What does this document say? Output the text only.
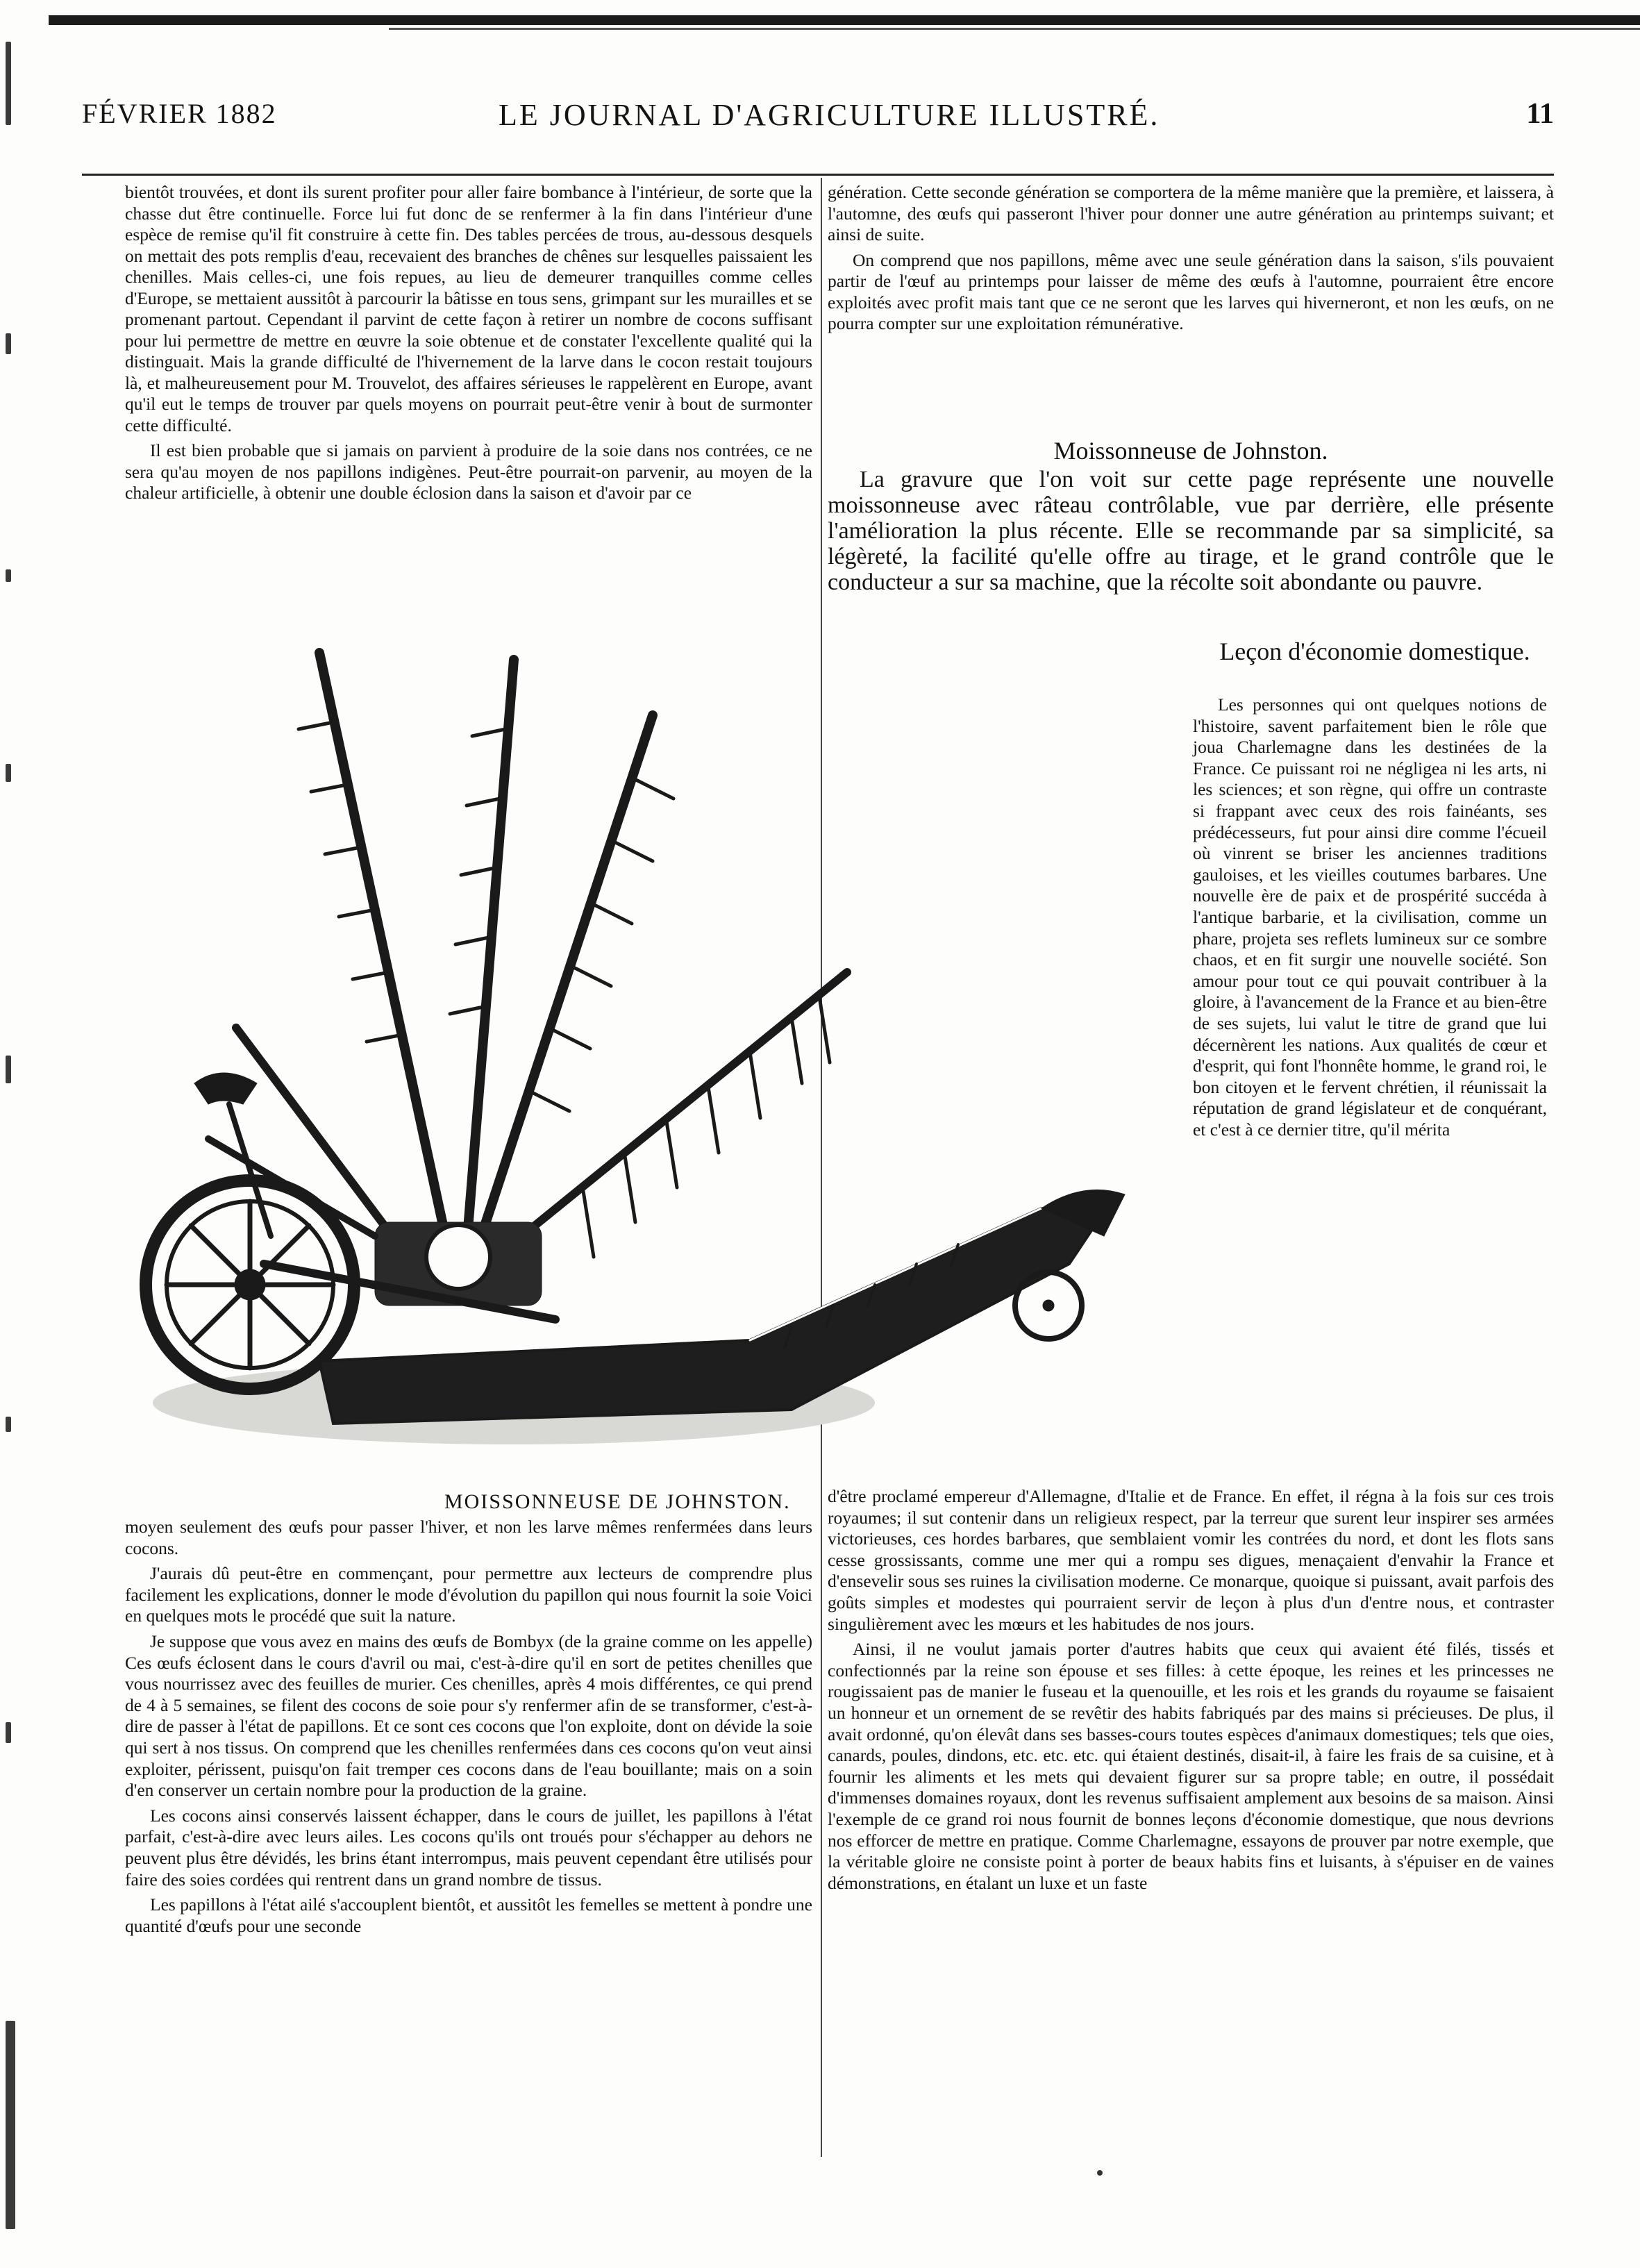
FÉVRIER 1882	LE JOURNAL D'AGRICULTURE ILLUSTRÉ.	11

bientôt trouvées, et dont ils surent profiter pour aller faire bombance à l'intérieur, de sorte que la chasse dut être continuelle. Force lui fut donc de se renfermer à la fin dans l'intérieur d'une espèce de remise qu'il fit construire à cette fin. Des tables percées de trous, au-dessous desquels on mettait des pots remplis d'eau, recevaient des branches de chênes sur lesquelles paissaient les chenilles. Mais celles-ci, une fois repues, au lieu de demeurer tranquilles comme celles d'Europe, se mettaient aussitôt à parcourir la bâtisse en tous sens, grimpant sur les murailles et se promenant partout. Cependant il parvint de cette façon à retirer un nombre de cocons suffisant pour lui permettre de mettre en œuvre la soie obtenue et de constater l'excellente qualité qui la distinguait. Mais la grande difficulté de l'hivernement de la larve dans le cocon restait toujours là, et malheureusement pour M. Trouvelot, des affaires sérieuses le rappelèrent en Europe, avant qu'il eut le temps de trouver par quels moyens on pourrait peut-être venir à bout de surmonter cette difficulté.

Il est bien probable que si jamais on parvient à produire de la soie dans nos contrées, ce ne sera qu'au moyen de nos papillons indigènes. Peut-être pourrait-on parvenir, au moyen de la chaleur artificielle, à obtenir une double éclosion dans la saison et d'avoir par ce

MOISSONNEUSE DE JOHNSTON.

moyen seulement des œufs pour passer l'hiver, et non les larve mêmes renfermées dans leurs cocons.

J'aurais dû peut-être en commençant, pour permettre aux lecteurs de comprendre plus facilement les explications, donner le mode d'évolution du papillon qui nous fournit la soie Voici en quelques mots le procédé que suit la nature.

Je suppose que vous avez en mains des œufs de Bombyx (de la graine comme on les appelle) Ces œufs éclosent dans le cours d'avril ou mai, c'est-à-dire qu'il en sort de petites chenilles que vous nourrissez avec des feuilles de murier. Ces chenilles, après 4 mois différentes, ce qui prend de 4 à 5 semaines, se filent des cocons de soie pour s'y renfermer afin de se transformer, c'est-à-dire de passer à l'état de papillons. Et ce sont ces cocons que l'on exploite, dont on dévide la soie qui sert à nos tissus. On comprend que les chenilles renfermées dans ces cocons qu'on veut ainsi exploiter, périssent, puisqu'on fait tremper ces cocons dans de l'eau bouillante; mais on a soin d'en conserver un certain nombre pour la production de la graine.

Les cocons ainsi conservés laissent échapper, dans le cours de juillet, les papillons à l'état parfait, c'est-à-dire avec leurs ailes. Les cocons qu'ils ont troués pour s'échapper au dehors ne peuvent plus être dévidés, les brins étant interrompus, mais peuvent cependant être utilisés pour faire des soies cordées qui rentrent dans un grand nombre de tissus.

Les papillons à l'état ailé s'accouplent bientôt, et aussitôt les femelles se mettent à pondre une quantité d'œufs pour une seconde

génération. Cette seconde génération se comportera de la même manière que la première, et laissera, à l'automne, des œufs qui passeront l'hiver pour donner une autre génération au printemps suivant; et ainsi de suite.

On comprend que nos papillons, même avec une seule génération dans la saison, s'ils pouvaient partir de l'œuf au printemps pour laisser de même des œufs à l'automne, pourraient être encore exploités avec profit mais tant que ce ne seront que les larves qui hiverneront, et non les œufs, on ne pourra compter sur une exploitation rémunérative.

Moissonneuse de Johnston.

La gravure que l'on voit sur cette page représente une nouvelle moissonneuse avec râteau contrôlable, vue par derrière, elle présente l'amélioration la plus récente. Elle se recommande par sa simplicité, sa légèreté, la facilité qu'elle offre au tirage, et le grand contrôle que le conducteur a sur sa machine, que la récolte soit abondante ou pauvre.

Leçon d'économie domestique.

Les personnes qui ont quelques notions de l'histoire, savent parfaitement bien le rôle que joua Charlemagne dans les destinées de la France. Ce puissant roi ne négligea ni les arts, ni les sciences; et son règne, qui offre un contraste si frappant avec ceux des rois fainéants, ses prédécesseurs, fut pour ainsi dire comme l'écueil où vinrent se briser les anciennes traditions gauloises, et les vieilles coutumes barbares. Une nouvelle ère de paix et de prospérité succéda à l'antique barbarie, et la civilisation, comme un phare, projeta ses reflets lumineux sur ce sombre chaos, et en fit surgir une nouvelle société. Son amour pour tout ce qui pouvait contribuer à la gloire, à l'avancement de la France et au bien-être de ses sujets, lui valut le titre de grand que lui décernèrent les nations. Aux qualités de cœur et d'esprit, qui font l'honnête homme, le grand roi, le bon citoyen et le fervent chrétien, il réunissait la réputation de grand législateur et de conquérant, et c'est à ce dernier titre, qu'il mérita

d'être proclamé empereur d'Allemagne, d'Italie et de France. En effet, il régna à la fois sur ces trois royaumes; il sut contenir dans un religieux respect, par la terreur que surent leur inspirer ses armées victorieuses, ces hordes barbares, que semblaient vomir les contrées du nord, et dont les flots sans cesse grossissants, comme une mer qui a rompu ses digues, menaçaient d'envahir la France et d'ensevelir sous ses ruines la civilisation moderne. Ce monarque, quoique si puissant, avait parfois des goûts simples et modestes qui pourraient servir de leçon à plus d'un d'entre nous, et contraster singulièrement avec les mœurs et les habitudes de nos jours.

Ainsi, il ne voulut jamais porter d'autres habits que ceux qui avaient été filés, tissés et confectionnés par la reine son épouse et ses filles: à cette époque, les reines et les princesses ne rougissaient pas de manier le fuseau et la quenouille, et les rois et les grands du royaume se faisaient un honneur et un ornement de se revêtir des habits fabriqués par des mains si précieuses. De plus, il avait ordonné, qu'on élevât dans ses basses-cours toutes espèces d'animaux domestiques; tels que oies, canards, poules, dindons, etc. etc. etc. qui étaient destinés, disait-il, à faire les frais de sa cuisine, et à fournir les aliments et les mets qui devaient figurer sur sa propre table; en outre, il possédait d'immenses domaines royaux, dont les revenus suffisaient amplement aux besoins de sa maison. Ainsi l'exemple de ce grand roi nous fournit de bonnes leçons d'économie domestique, que nous devrions nos efforcer de mettre en pratique. Comme Charlemagne, essayons de prouver par notre exemple, que la véritable gloire ne consiste point à porter de beaux habits fins et luisants, à s'épuiser en de vaines démonstrations, en étalant un luxe et un faste
